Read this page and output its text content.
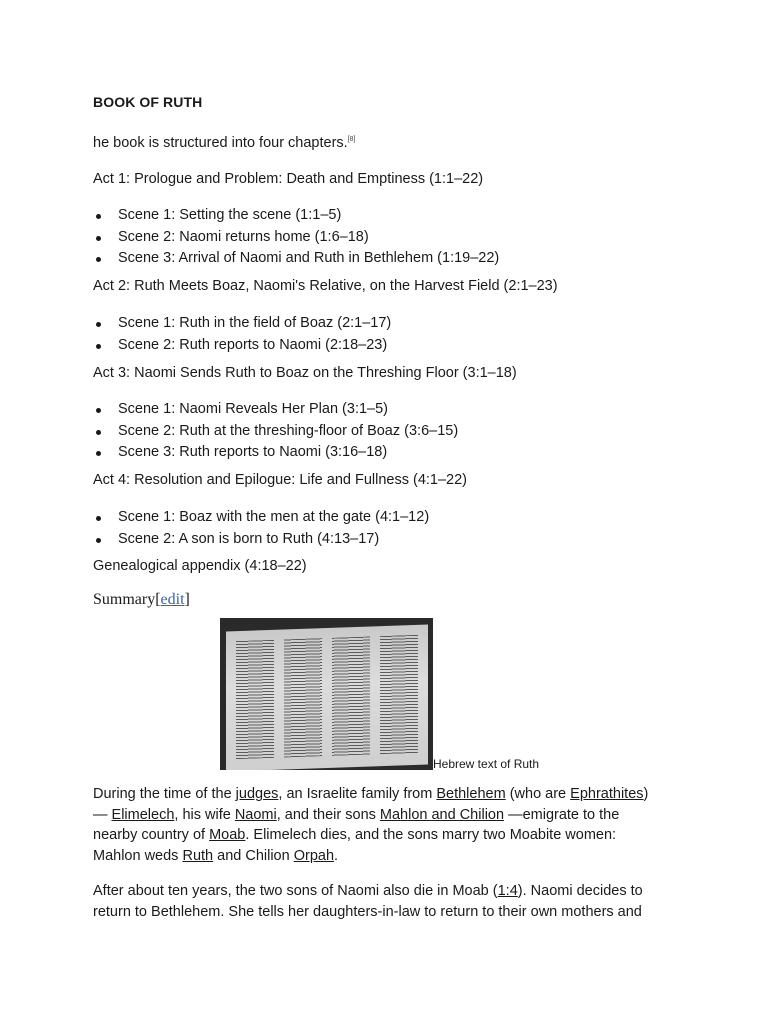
BOOK OF RUTH
he book is structured into four chapters.[8]
Act 1: Prologue and Problem: Death and Emptiness (1:1–22)
Scene 1: Setting the scene (1:1–5)
Scene 2: Naomi returns home (1:6–18)
Scene 3: Arrival of Naomi and Ruth in Bethlehem (1:19–22)
Act 2: Ruth Meets Boaz, Naomi's Relative, on the Harvest Field (2:1–23)
Scene 1: Ruth in the field of Boaz (2:1–17)
Scene 2: Ruth reports to Naomi (2:18–23)
Act 3: Naomi Sends Ruth to Boaz on the Threshing Floor (3:1–18)
Scene 1: Naomi Reveals Her Plan (3:1–5)
Scene 2: Ruth at the threshing-floor of Boaz (3:6–15)
Scene 3: Ruth reports to Naomi (3:16–18)
Act 4: Resolution and Epilogue: Life and Fullness (4:1–22)
Scene 1: Boaz with the men at the gate (4:1–12)
Scene 2: A son is born to Ruth (4:13–17)
Genealogical appendix (4:18–22)
Summary[edit]
Hebrew text of Ruth
During the time of the judges, an Israelite family from Bethlehem (who are Ephrathites)
— Elimelech, his wife Naomi, and their sons Mahlon and Chilion —emigrate to the
nearby country of Moab. Elimelech dies, and the sons marry two Moabite women:
Mahlon weds Ruth and Chilion Orpah.
After about ten years, the two sons of Naomi also die in Moab (1:4). Naomi decides to
return to Bethlehem. She tells her daughters-in-law to return to their own mothers and
